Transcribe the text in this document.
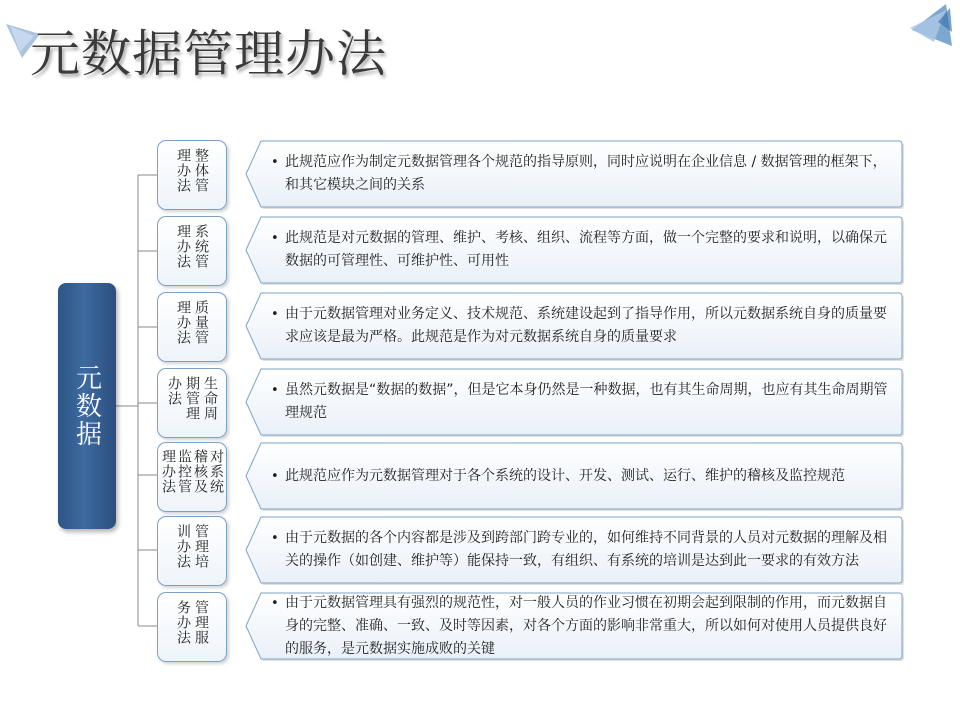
元数据管理办法
元数据
整体管理办法	• 此规范应作为制定元数据管理各个规范的指导原则，同时应说明在企业信息 / 数据管理的框架下，和其它模块之间的关系
系统管理办法	• 此规范是对元数据的管理、维护、考核、组织、流程等方面，做一个完整的要求和说明，以确保元数据的可管理性、可维护性、可用性
质量管理办法	• 由于元数据管理对业务定义、技术规范、系统建设起到了指导作用，所以元数据系统自身的质量要求应该是最为严格。此规范是作为对元数据系统自身的质量要求
生命周期管理办法	• 虽然元数据是“数据的数据”，但是它本身仍然是一种数据，也有其生命周期，也应有其生命周期管理规范
对系统稽核及监控管理办法	• 此规范应作为元数据管理对于各个系统的设计、开发、测试、运行、维护的稽核及监控规范
管理培训办法	• 由于元数据的各个内容都是涉及到跨部门跨专业的，如何维持不同背景的人员对元数据的理解及相关的操作（如创建、维护等）能保持一致，有组织、有系统的培训是达到此一要求的有效方法
管理服务办法	• 由于元数据管理具有强烈的规范性，对一般人员的作业习惯在初期会起到限制的作用，而元数据自身的完整、准确、一致、及时等因素，对各个方面的影响非常重大，所以如何对使用人员提供良好的服务，是元数据实施成败的关键
